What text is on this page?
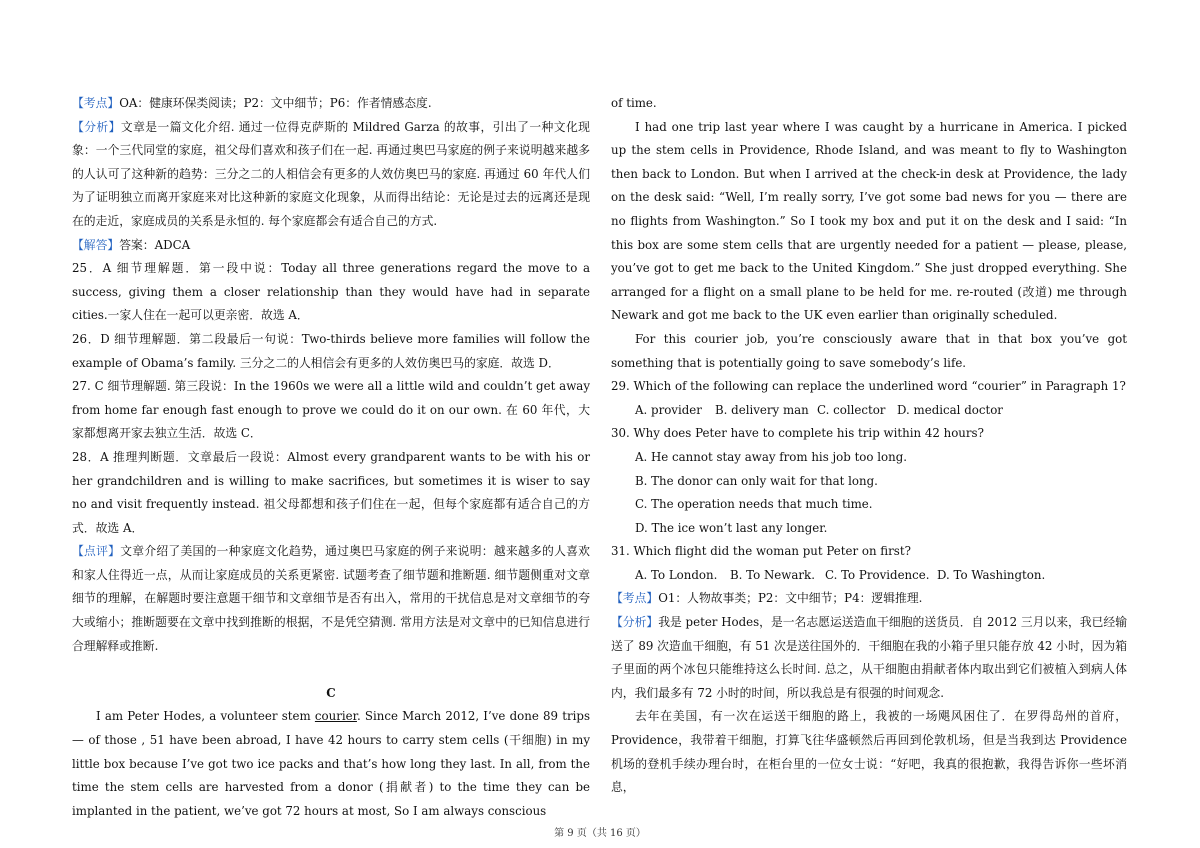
【考点】OA：健康环保类阅读；P2：文中细节；P6：作者情感态度.

【分析】文章是一篇文化介绍. 通过一位得克萨斯的 Mildred Garza 的故事，引出了一种文化现象：一个三代同堂的家庭，祖父母们喜欢和孩子们在一起. 再通过奥巴马家庭的例子来说明越来越多的人认可了这种新的趋势：三分之二的人相信会有更多的人效仿奥巴马的家庭. 再通过 60 年代人们为了证明独立而离开家庭来对比这种新的家庭文化现象，从而得出结论：无论是过去的远离还是现在的走近，家庭成员的关系是永恒的. 每个家庭都会有适合自己的方式.

【解答】答案：ADCA

25．A 细节理解题．第一段中说：Today all three generations regard the move to a success, giving them a closer relationship than they would have had in separate cities.一家人住在一起可以更亲密．故选 A．

26．D 细节理解题．第二段最后一句说：Two-thirds believe more families will follow the example of Obama’s family. 三分之二的人相信会有更多的人效仿奥巴马的家庭．故选 D．

27. C 细节理解题. 第三段说：In the 1960s we were all a little wild and couldn’t get away from home far enough fast enough to prove we could do it on our own. 在 60 年代，大家都想离开家去独立生活．故选 C．

28．A 推理判断题．文章最后一段说：Almost every grandparent wants to be with his or her grandchildren and is willing to make sacrifices, but sometimes it is wiser to say no and visit frequently instead. 祖父母都想和孩子们住在一起，但每个家庭都有适合自己的方式．故选 A．

【点评】文章介绍了美国的一种家庭文化趋势，通过奥巴马家庭的例子来说明：越来越多的人喜欢和家人住得近一点，从而让家庭成员的关系更紧密. 试题考查了细节题和推断题. 细节题侧重对文章细节的理解，在解题时要注意题干细节和文章细节是否有出入，常用的干扰信息是对文章细节的夸大或缩小；推断题要在文章中找到推断的根据，不是凭空猜测. 常用方法是对文章中的已知信息进行合理解释或推断.

C

I am Peter Hodes, a volunteer stem courier. Since March 2012, I’ve done 89 trips — of those , 51 have been abroad, I have 42 hours to carry stem cells (干细胞) in my little box because I’ve got two ice packs and that’s how long they last. In all, from the time the stem cells are harvested from a donor (捐献者) to the time they can be implanted in the patient, we’ve got 72 hours at most, So I am always conscious

of time.

I had one trip last year where I was caught by a hurricane in America. I picked up the stem cells in Providence, Rhode Island, and was meant to fly to Washington then back to London. But when I arrived at the check-in desk at Providence, the lady on the desk said: “Well, I’m really sorry, I’ve got some bad news for you — there are no flights from Washington.” So I took my box and put it on the desk and I said: “In this box are some stem cells that are urgently needed for a patient — please, please, you’ve got to get me back to the United Kingdom.” She just dropped everything. She arranged for a flight on a small plane to be held for me. re-routed (改道) me through Newark and got me back to the UK even earlier than originally scheduled.

For this courier job, you’re consciously aware that in that box you’ve got something that is potentially going to save somebody’s life.

29. Which of the following can replace the underlined word “courier” in Paragraph 1?

A. provider B. delivery man C. collector D. medical doctor

30. Why does Peter have to complete his trip within 42 hours?

A. He cannot stay away from his job too long.

B. The donor can only wait for that long.

C. The operation needs that much time.

D. The ice won’t last any longer.

31. Which flight did the woman put Peter on first?

A. To London. B. To Newark. C. To Providence. D. To Washington.

【考点】O1：人物故事类；P2：文中细节；P4：逻辑推理.

【分析】我是 peter Hodes，是一名志愿运送造血干细胞的送货员．自 2012 三月以来，我已经输送了 89 次造血干细胞，有 51 次是送往国外的．干细胞在我的小箱子里只能存放 42 小时，因为箱子里面的两个冰包只能维持这么长时间. 总之，从干细胞由捐献者体内取出到它们被植入到病人体内，我们最多有 72 小时的时间，所以我总是有很强的时间观念.

去年在美国，有一次在运送干细胞的路上，我被的一场飓风困住了．在罗得岛州的首府，Providence，我带着干细胞，打算飞往华盛顿然后再回到伦敦机场，但是当我到达 Providence 机场的登机手续办理台时，在柜台里的一位女士说：“好吧，我真的很抱歉，我得告诉你一些坏消息，

第 9 页（共 16 页）
